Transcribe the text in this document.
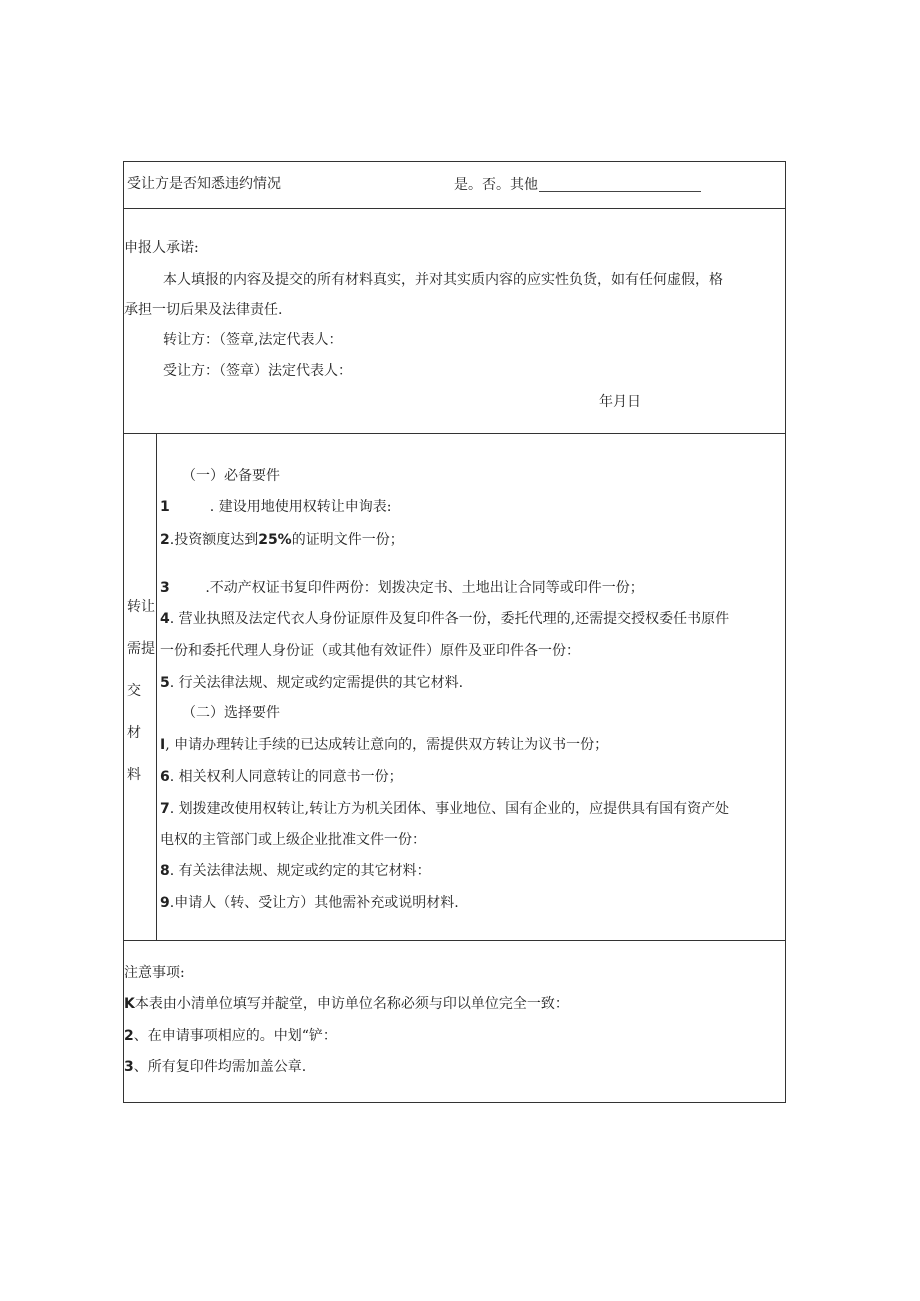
受让方是否知悉违约情况	是。否。其他
申报人承诺:
本人填报的内容及提交的所有材料真实，并对其实质内容的应实性负货，如有任何虚假，格
承担一切后果及法律责任.
转让方：（签章,法定代表人：
受让方：（签章）法定代表人：
年月日
转让
需提
交
材
料
（一）必备要件
1         . 建设用地使用权转让申询表:
2.投资额度达到25%的证明文件一份；
3        .不动产权证书复印件两份：划拨决定书、土地出让合同等或印件一份；
4. 营业执照及法定代衣人身份证原件及复印件各一份，委托代理的,还需提交授权委任书原件
一份和委托代理人身份证（或其他有效证件）原件及亚印件各一份：
5. 行关法律法规、规定或约定需提供的其它材料.
（二）选择要件
I, 申请办理转让手续的已达成转让意向的，需提供双方转让为议书一份；
6. 相关权利人同意转让的同意书一份；
7. 划拨建改使用权转让,转让方为机关团体、事业地位、国有企业的，应提供具有国有资产处
电权的主管部门或上级企业批准文件一份：
8. 有关法律法规、规定或约定的其它材料：
9.申请人（转、受让方）其他需补充或说明材料.
注意事项:
K本表由小清单位填写并靛堂，申访单位名称必须与印以单位完全一致：
2、在申请事项相应的。中划“铲：
3、所有复印件均需加盖公章.
